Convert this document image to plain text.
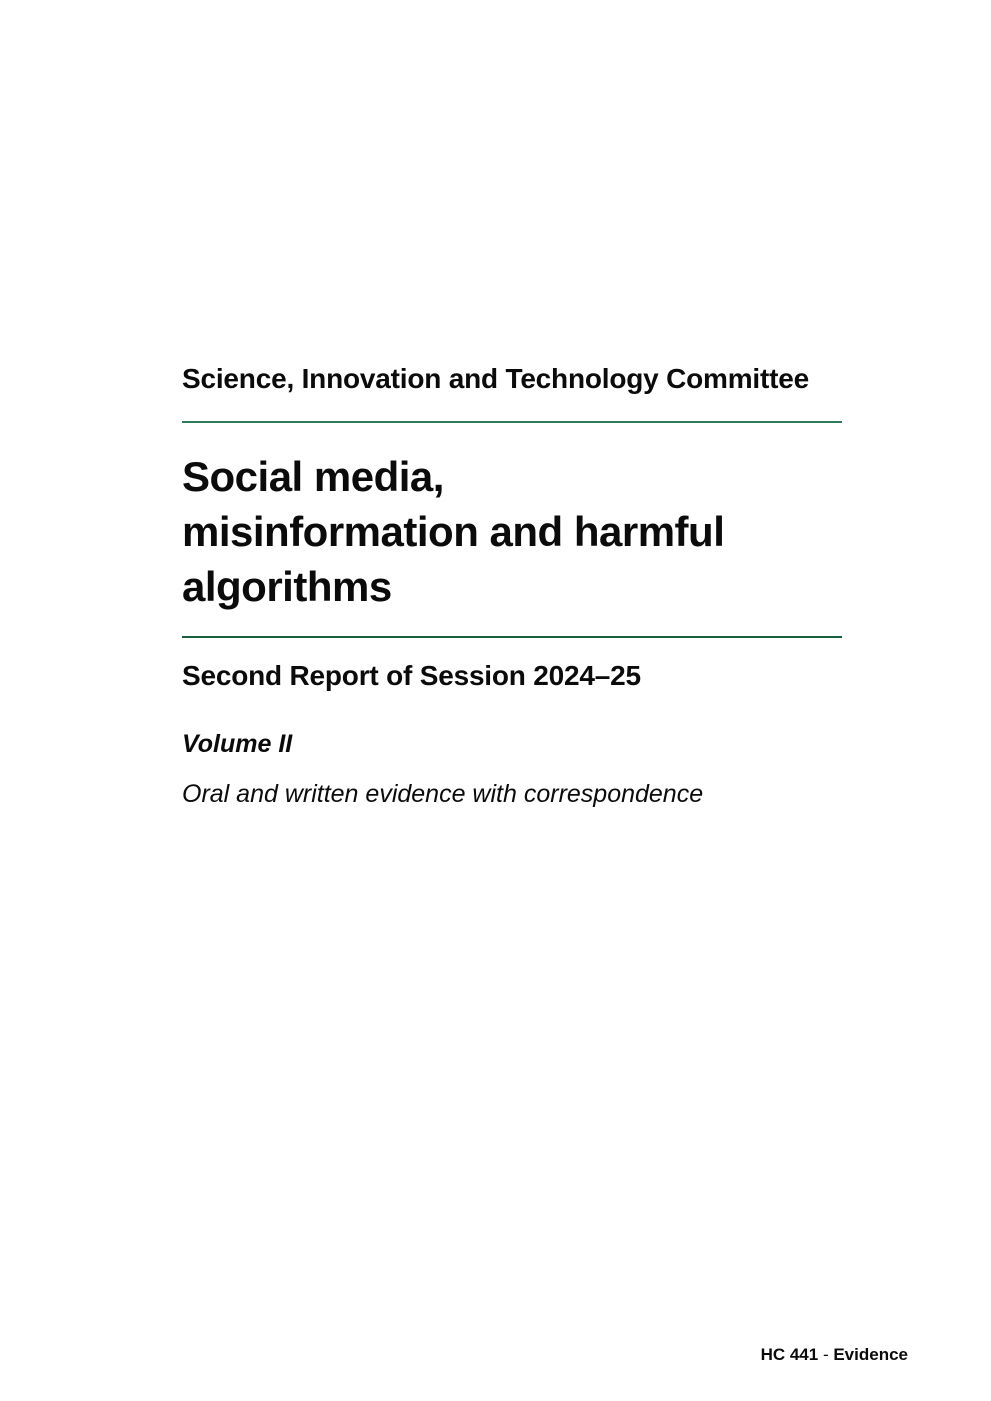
Science, Innovation and Technology Committee
Social media,
misinformation and harmful
algorithms
Second Report of Session 2024–25

Volume II

Oral and written evidence with correspondence

HC 441 - Evidence
